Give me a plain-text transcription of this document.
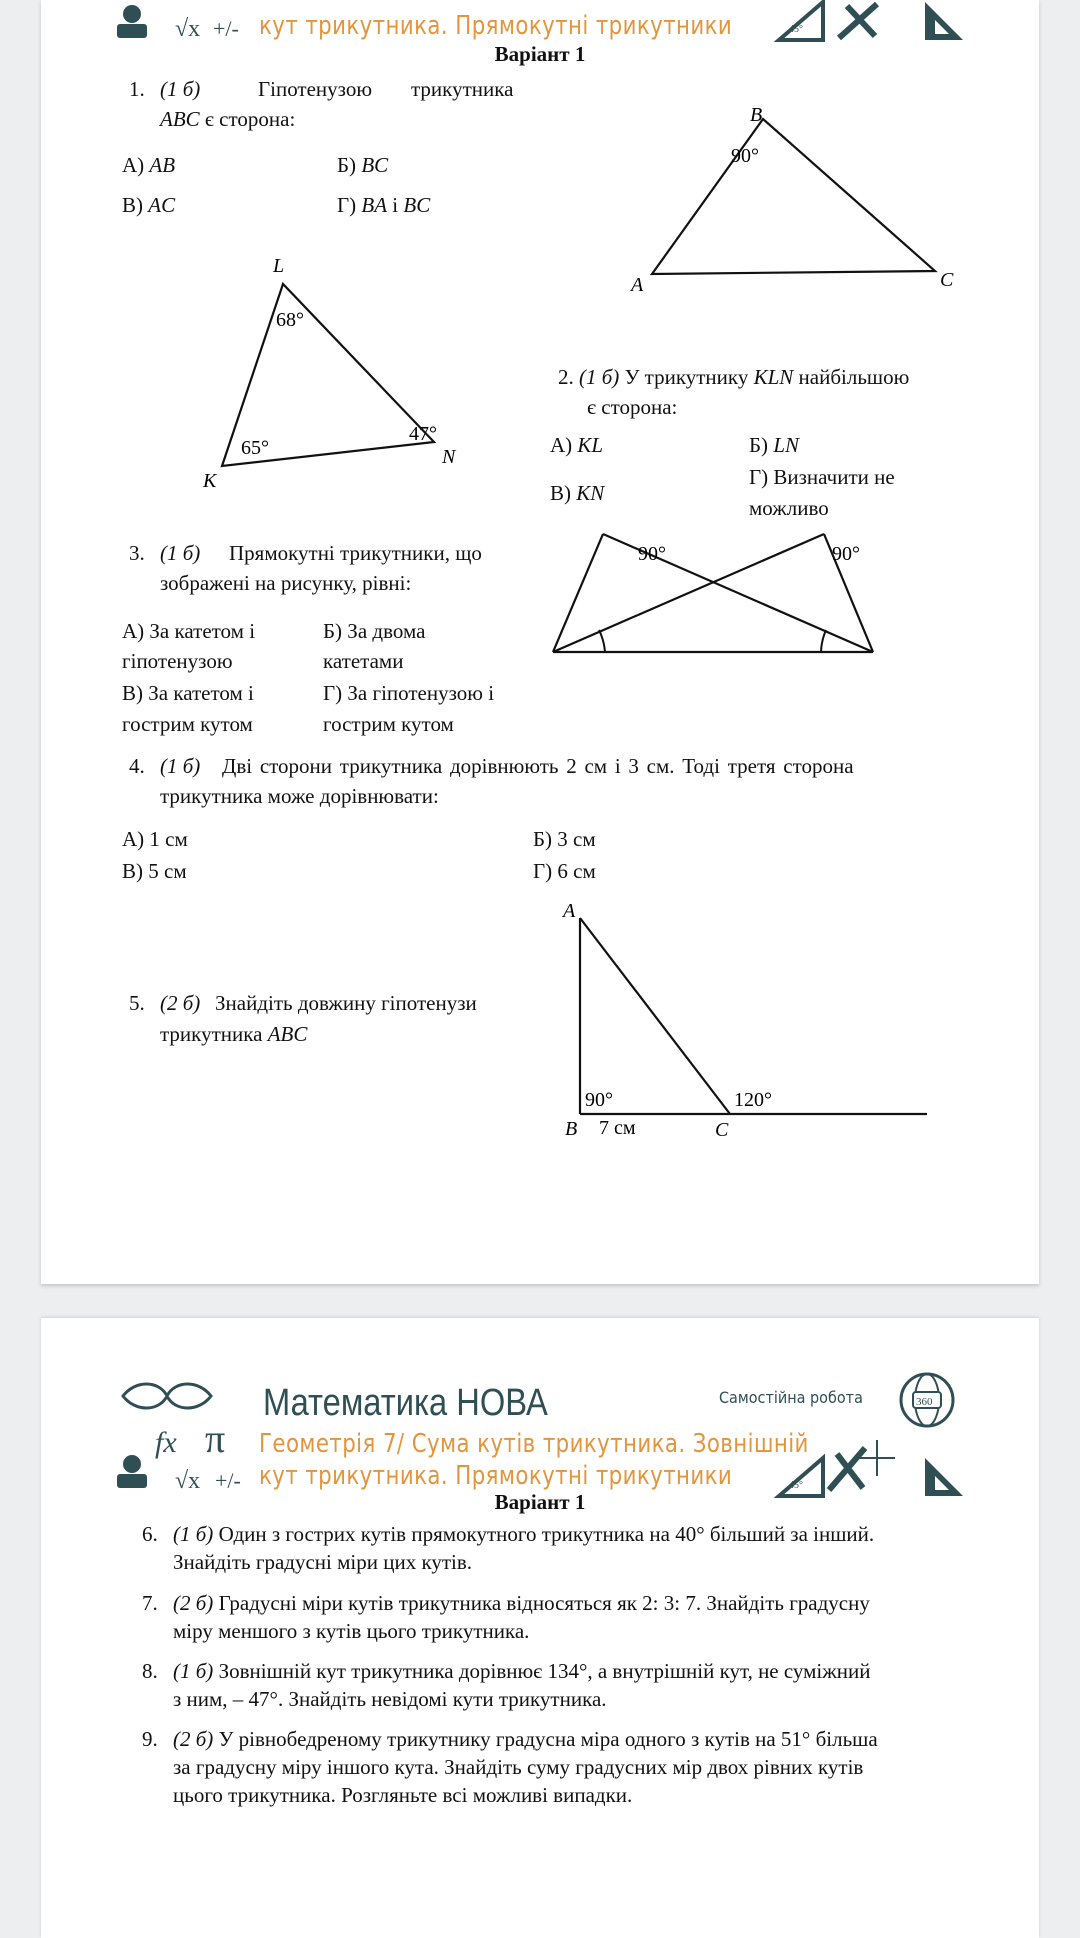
√x +/- кут трикутника. Прямокутні трикутники	45°
Варіант 1
1. (1 б)	Гіпотенузою трикутника
ABC є сторона:
А) AB	Б) BC
В) AC	Г) BA і BC
B
90°
A	C
L
68°
K
65°
47°
N
2. (1 б) У трикутнику KLN найбільшою
є сторона:
А) KL	Б) LN
В) KN
Г) Визначити не
можливо
3. (1 б) Прямокутні трикутники, що
зображені на рисунку, рівні:
А) За катетом і
гіпотенузою
Б) За двома
катетами
В) За катетом і
гострим кутом
Г) За гіпотенузою і
гострим кутом
90°	90°
4. (1 б) Дві сторони трикутника дорівнюють 2 см і 3 см. Тоді третя сторона
трикутника може дорівнювати:
А) 1 см	Б) 3 см
В) 5 см	Г) 6 см
5. (2 б) Знайдіть довжину гіпотенузи
трикутника ABC
A
90°	120°
7 см
B	C
fx π
√x +/-
Математика НОВА	Самостійна робота
Геометрія 7/ Сума кутів трикутника. Зовнішній
кут трикутника. Прямокутні трикутники
360
45°
Варіант 1
6. (1 б) Один з гострих кутів прямокутного трикутника на 40° більший за інший.
Знайдіть градусні міри цих кутів.
7. (2 б) Градусні міри кутів трикутника відносяться як 2: 3: 7. Знайдіть градусну
міру меншого з кутів цього трикутника.
8. (1 б) Зовнішній кут трикутника дорівнює 134°, а внутрішній кут, не суміжний
з ним, – 47°. Знайдіть невідомі кути трикутника.
9. (2 б) У рівнобедреному трикутнику градусна міра одного з кутів на 51° більша
за градусну міру іншого кута. Знайдіть суму градусних мір двох рівних кутів
цього трикутника. Розгляньте всі можливі випадки.
